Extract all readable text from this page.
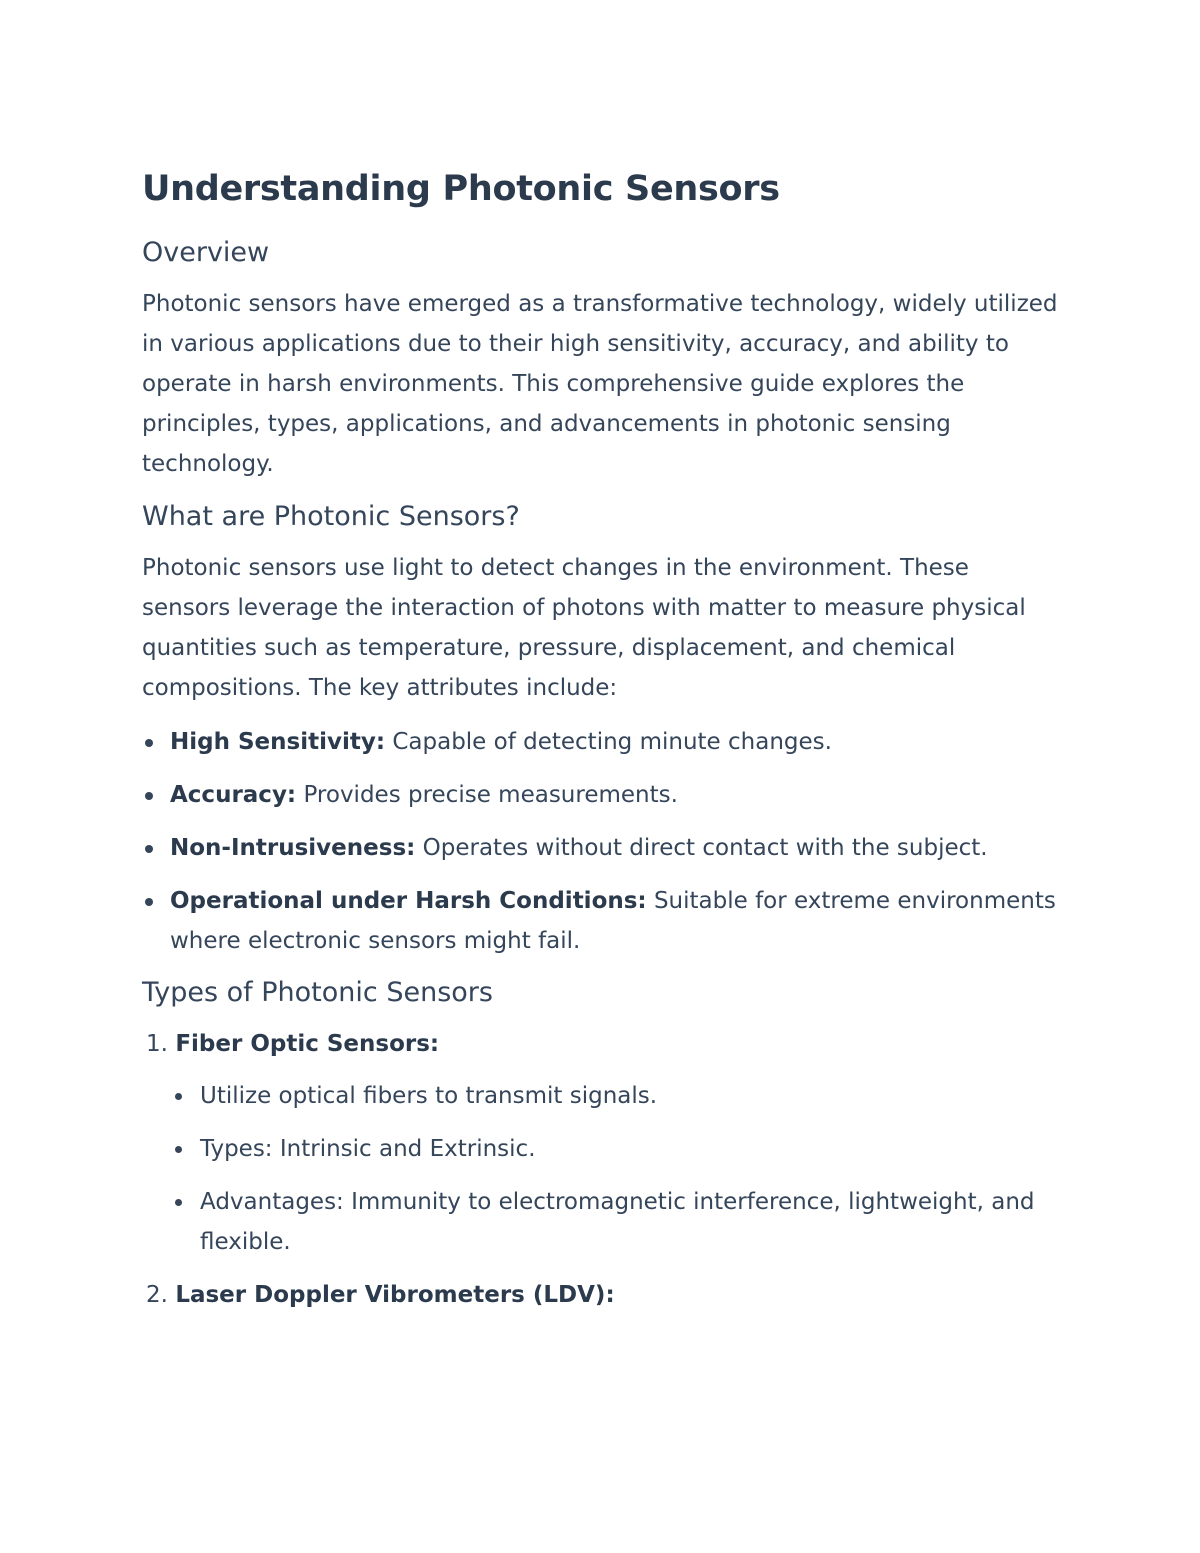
Understanding Photonic Sensors
Overview

Photonic sensors have emerged as a transformative technology, widely utilized in various applications due to their high sensitivity, accuracy, and ability to operate in harsh environments. This comprehensive guide explores the principles, types, applications, and advancements in photonic sensing technology.

What are Photonic Sensors?

Photonic sensors use light to detect changes in the environment. These sensors leverage the interaction of photons with matter to measure physical quantities such as temperature, pressure, displacement, and chemical compositions. The key attributes include:

High Sensitivity: Capable of detecting minute changes.
Accuracy: Provides precise measurements.
Non-Intrusiveness: Operates without direct contact with the subject.
Operational under Harsh Conditions: Suitable for extreme environments where electronic sensors might fail.
Types of Photonic Sensors
1. Fiber Optic Sensors:
Utilize optical fibers to transmit signals.
Types: Intrinsic and Extrinsic.
Advantages: Immunity to electromagnetic interference, lightweight, and flexible.
2. Laser Doppler Vibrometers (LDV):
